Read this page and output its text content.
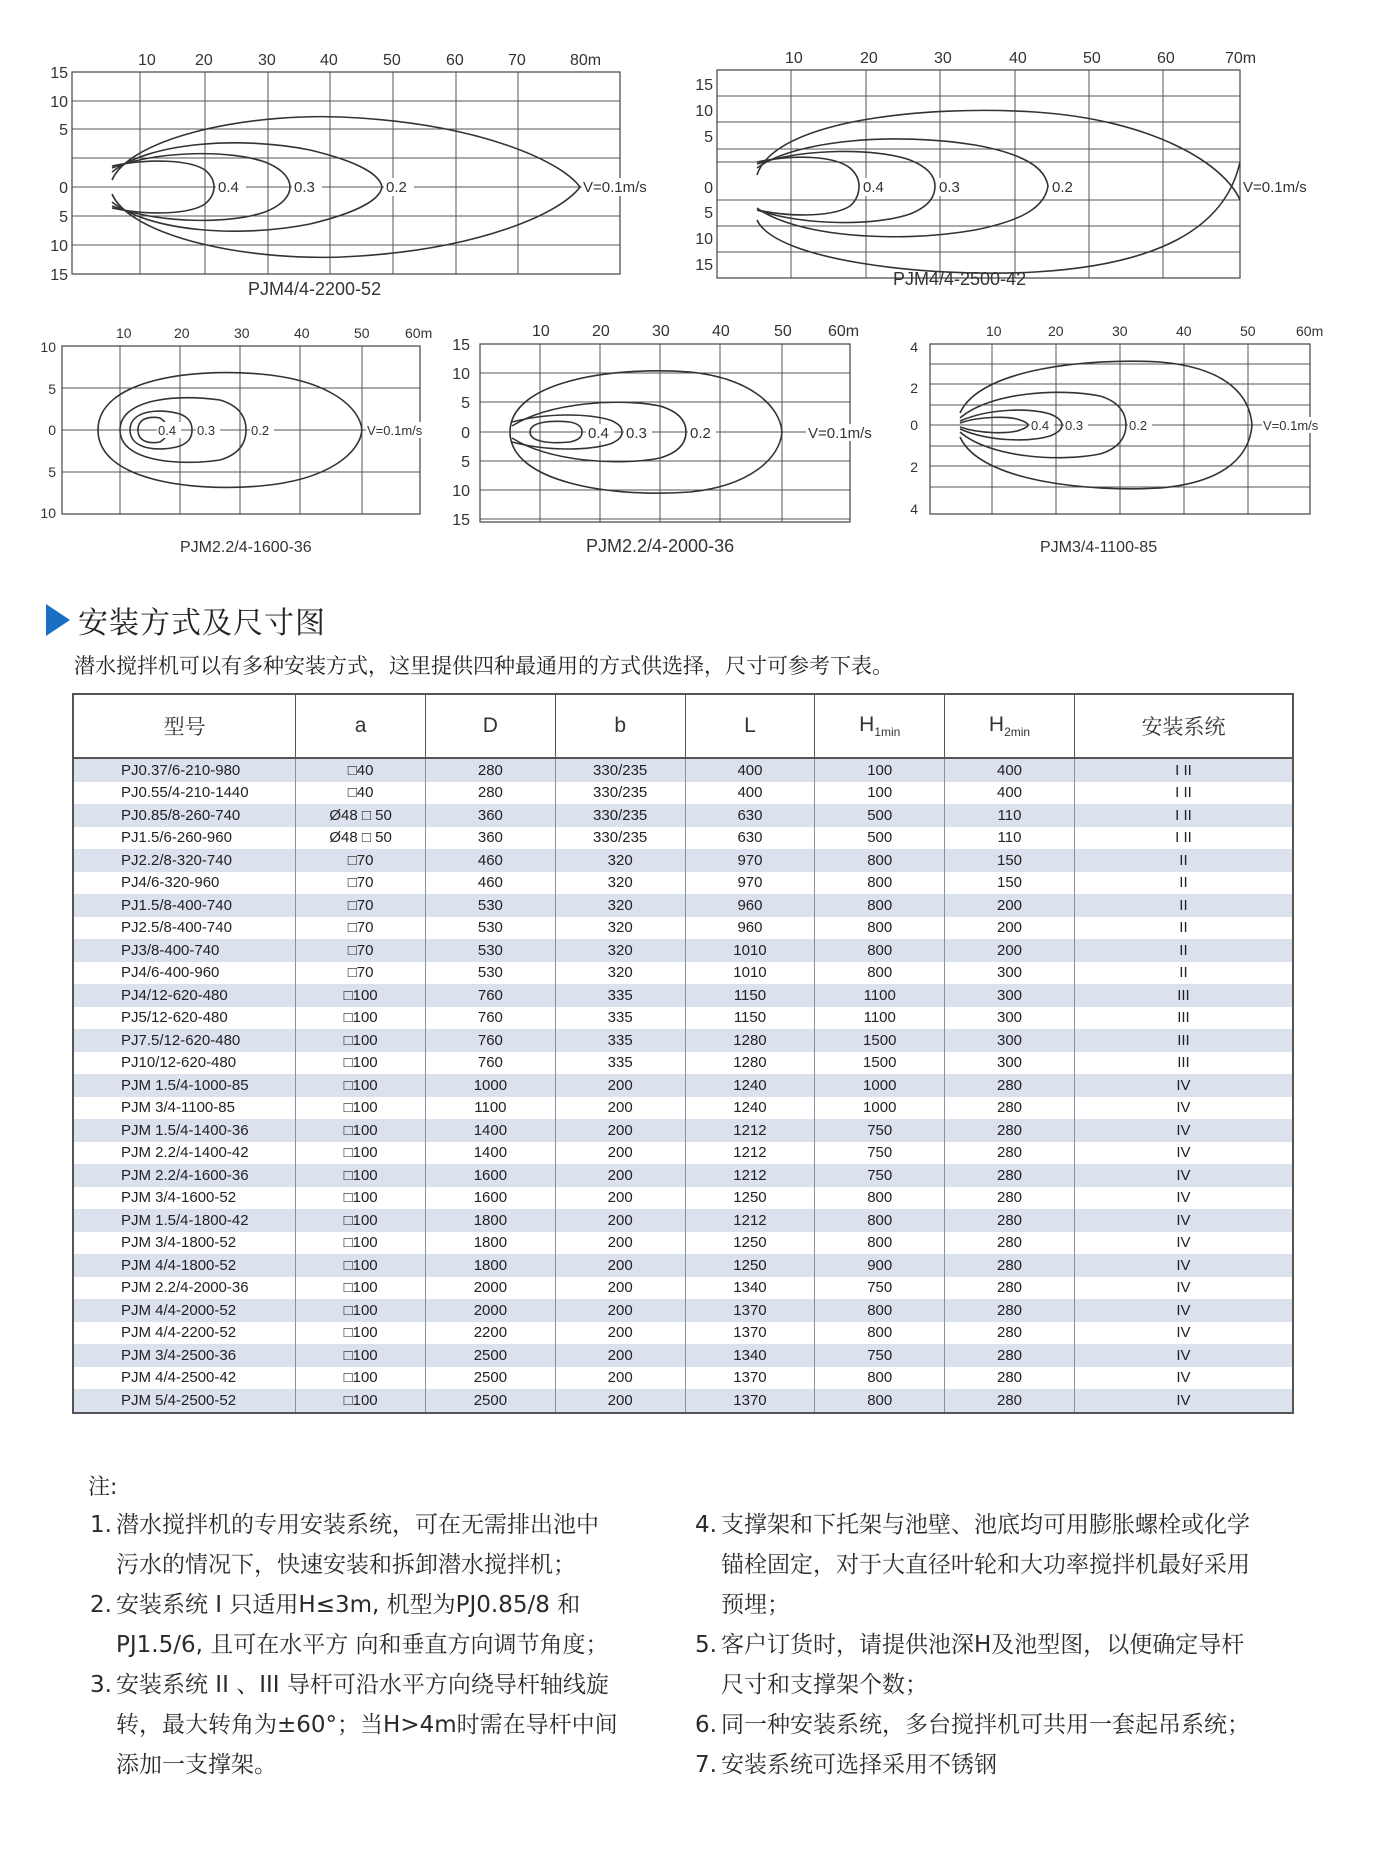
10 20	30	40	50	60	70	80m
15
10
5
0
5
10
15
0.4	0.3	0.2	V=0.1m/s
PJM4/4-2200-52
10	20	30	40	50	60	70m
15
10
5
0
5
10
15
0.4	0.3	0.2	V=0.1m/s
PJM4/4-2500-42
10	20	30	40	50	60m
10
5
0
5
10
0.4 0.3	0.2	V=0.1m/s
PJM2.2/4-1600-36
10	20	30	40	50 60m
15
10
5
0
5
10
15
0.4 0.3	0.2	V=0.1m/s
PJM2.2/4-2000-36
10	20	30	40	50	60m
4
2
0
2
4
0.4 0.3	0.2	V=0.1m/s
PJM3/4-1100-85
安装方式及尺寸图
潜水搅拌机可以有多种安装方式，这里提供四种最通用的方式供选择，尺寸可参考下表。
型号	a	D	b	L	$H_{1min}$	$H_{2min}$	安装系统
PJ0.37/6-210-980	□40	280	330/235	400	100	400	I II
PJ0.55/4-210-1440	□40	280	330/235	400	100	400	I II
PJ0.85/8-260-740	Ø48 □ 50	360	330/235	630	500	110	I II
PJ1.5/6-260-960	Ø48 □ 50	360	330/235	630	500	110	I II
PJ2.2/8-320-740	□70	460	320	970	800	150	II
PJ4/6-320-960	□70	460	320	970	800	150	II
PJ1.5/8-400-740	□70	530	320	960	800	200	II
PJ2.5/8-400-740	□70	530	320	960	800	200	II
PJ3/8-400-740	□70	530	320	1010	800	200	II
PJ4/6-400-960	□70	530	320	1010	800	300	II
PJ4/12-620-480	□100	760	335	1150	1100	300	III
PJ5/12-620-480	□100	760	335	1150	1100	300	III
PJ7.5/12-620-480	□100	760	335	1280	1500	300	III
PJ10/12-620-480	□100	760	335	1280	1500	300	III
PJM 1.5/4-1000-85	□100	1000	200	1240	1000	280	IV
PJM 3/4-1100-85	□100	1100	200	1240	1000	280	IV
PJM 1.5/4-1400-36	□100	1400	200	1212	750	280	IV
PJM 2.2/4-1400-42	□100	1400	200	1212	750	280	IV
PJM 2.2/4-1600-36	□100	1600	200	1212	750	280	IV
PJM 3/4-1600-52	□100	1600	200	1250	800	280	IV
PJM 1.5/4-1800-42	□100	1800	200	1212	800	280	IV
PJM 3/4-1800-52	□100	1800	200	1250	800	280	IV
PJM 4/4-1800-52	□100	1800	200	1250	900	280	IV
PJM 2.2/4-2000-36	□100	2000	200	1340	750	280	IV
PJM 4/4-2000-52	□100	2000	200	1370	800	280	IV
PJM 4/4-2200-52	□100	2200	200	1370	800	280	IV
PJM 3/4-2500-36	□100	2500	200	1340	750	280	IV
PJM 4/4-2500-42	□100	2500	200	1370	800	280	IV
PJM 5/4-2500-52	□100	2500	200	1370	800	280	IV
注:

1. 潜水搅拌机的专用安装系统，可在无需排出池中污水的情况下，快速安装和拆卸潜水搅拌机；

2. 安装系统 I 只适用H≤3m, 机型为PJ0.85/8 和PJ1.5/6, 且可在水平方 向和垂直方向调节角度；

3. 安装系统 II 、III 导杆可沿水平方向绕导杆轴线旋转，最大转角为±60°；当H>4m时需在导杆中间添加一支撑架。

4. 支撑架和下托架与池壁、池底均可用膨胀螺栓或化学锚栓固定，对于大直径叶轮和大功率搅拌机最好采用预埋；

5. 客户订货时，请提供池深H及池型图，以便确定导杆尺寸和支撑架个数；

6. 同一种安装系统，多台搅拌机可共用一套起吊系统；

7. 安装系统可选择采用不锈钢
